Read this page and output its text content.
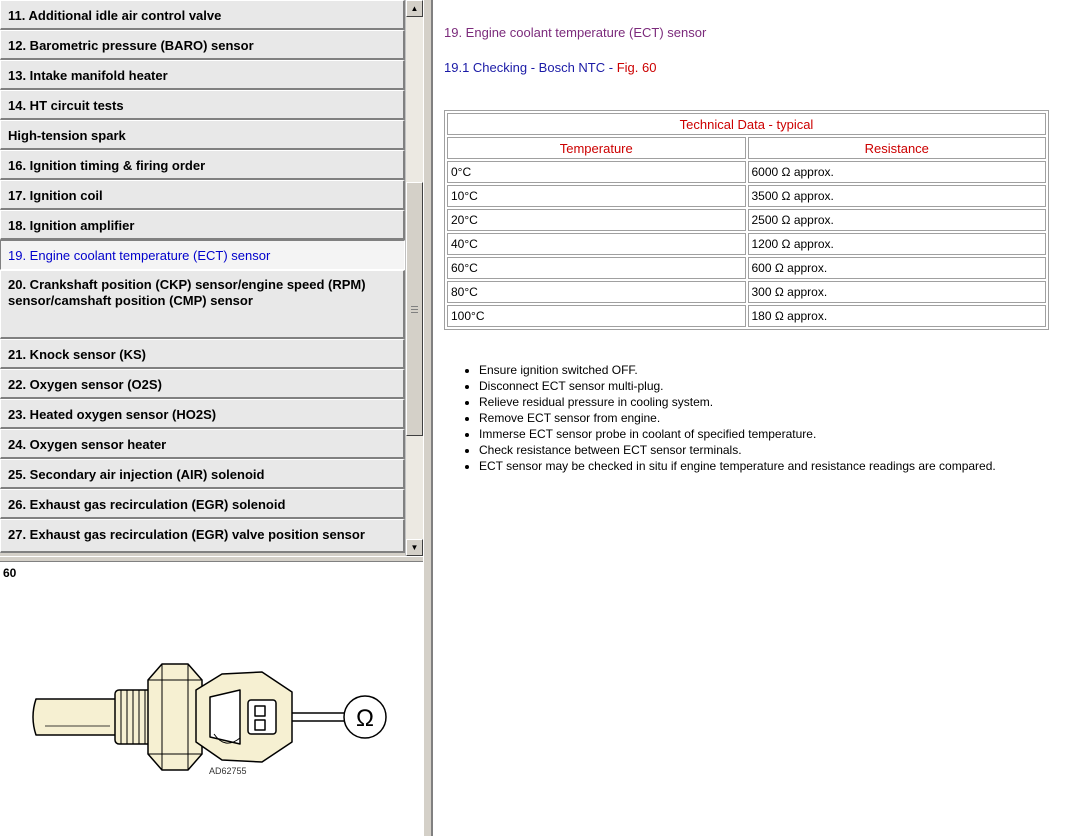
11. Additional idle air control valve
12. Barometric pressure (BARO) sensor
13. Intake manifold heater
14. HT circuit tests
High-tension spark
16. Ignition timing & firing order
17. Ignition coil
18. Ignition amplifier
19. Engine coolant temperature (ECT) sensor
20. Crankshaft position (CKP) sensor/engine speed (RPM) sensor/camshaft position (CMP) sensor
21. Knock sensor (KS)
22. Oxygen sensor (O2S)
23. Heated oxygen sensor (HO2S)
24. Oxygen sensor heater
25. Secondary air injection (AIR) solenoid
26. Exhaust gas recirculation (EGR) solenoid
27. Exhaust gas recirculation (EGR) valve position sensor
▲
▼
60
Ω
AD62755
19. Engine coolant temperature (ECT) sensor
19.1 Checking - Bosch NTC - Fig. 60
Technical Data - typical	
Temperature	Resistance
0°C	6000 Ω approx.
10°C	3500 Ω approx.
20°C	2500 Ω approx.
40°C	1200 Ω approx.
60°C	600 Ω approx.
80°C	300 Ω approx.
100°C	180 Ω approx.
• Ensure ignition switched OFF.
• Disconnect ECT sensor multi-plug.
• Relieve residual pressure in cooling system.
• Remove ECT sensor from engine.
• Immerse ECT sensor probe in coolant of specified temperature.
• Check resistance between ECT sensor terminals.
• ECT sensor may be checked in situ if engine temperature and resistance readings are compared.
